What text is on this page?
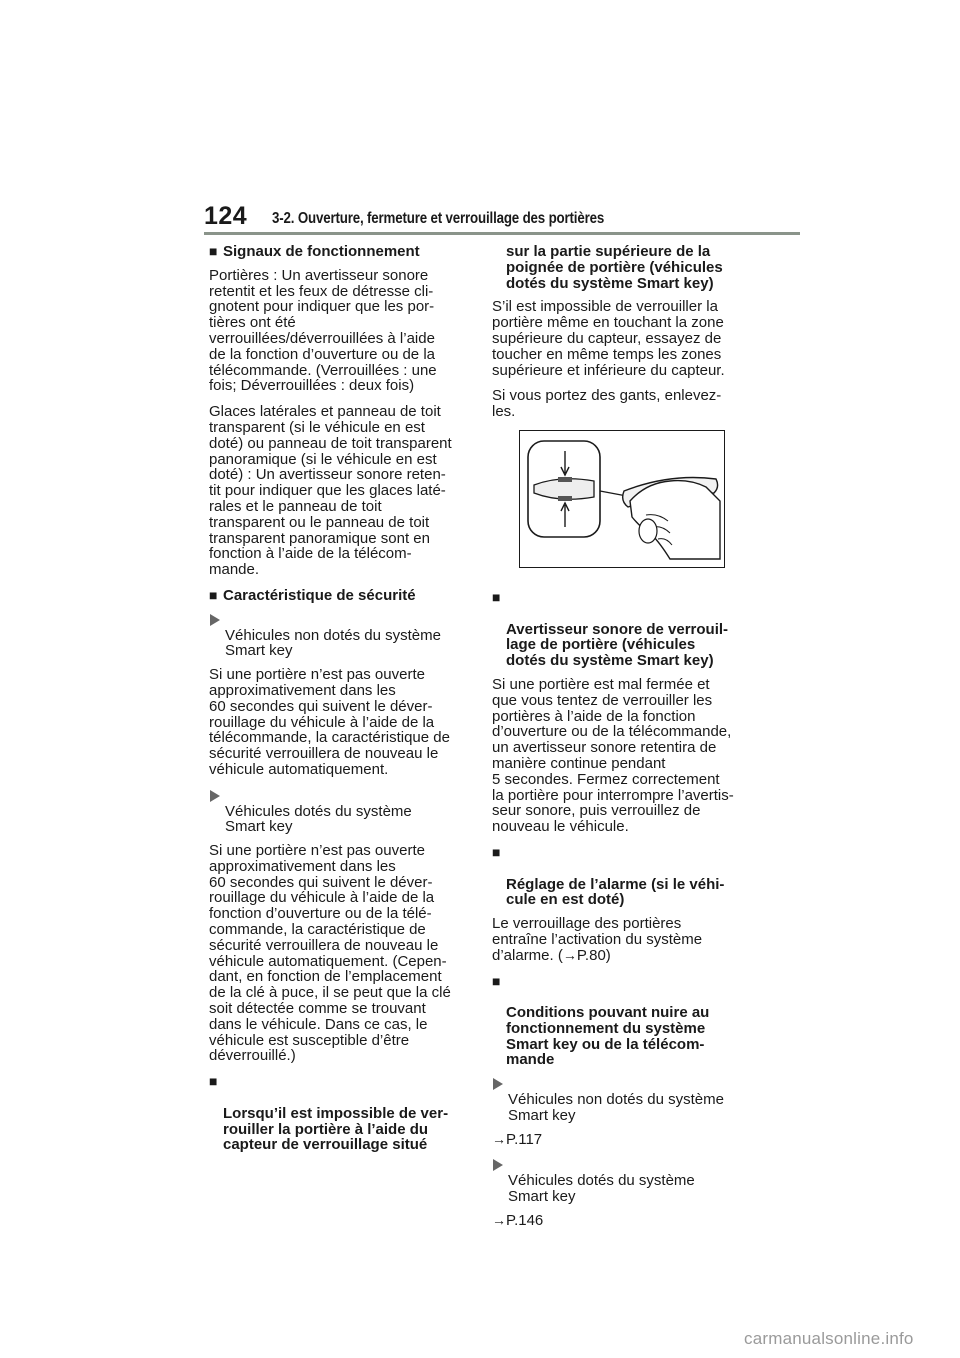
124 3-2. Ouverture, fermeture et verrouillage des portières
■ Signaux de fonctionnement
Portières : Un avertisseur sonore
retentit et les feux de détresse cli-
gnotent pour indiquer que les por-
tières ont été
verrouillées/déverrouillées à l’aide
de la fonction d’ouverture ou de la
télécommande. (Verrouillées : une
fois; Déverrouillées : deux fois)
Glaces latérales et panneau de toit
transparent (si le véhicule en est
doté) ou panneau de toit transparent
panoramique (si le véhicule en est
doté) : Un avertisseur sonore reten-
tit pour indiquer que les glaces laté-
rales et le panneau de toit
transparent ou le panneau de toit
transparent panoramique sont en
fonction à l’aide de la télécom-
mande.
■ Caractéristique de sécurité

Véhicules non dotés du système
Smart key

Si une portière n’est pas ouverte
approximativement dans les
60 secondes qui suivent le déver-
rouillage du véhicule à l’aide de la
télécommande, la caractéristique de
sécurité verrouillera de nouveau le
véhicule automatiquement.

Véhicules dotés du système
Smart key

Si une portière n’est pas ouverte
approximativement dans les
60 secondes qui suivent le déver-
rouillage du véhicule à l’aide de la
fonction d’ouverture ou de la télé-
commande, la caractéristique de
sécurité verrouillera de nouveau le
véhicule automatiquement. (Cepen-
dant, en fonction de l’emplacement
de la clé à puce, il se peut que la clé
soit détectée comme se trouvant
dans le véhicule. Dans ce cas, le
véhicule est susceptible d’être
déverrouillé.)

■

Lorsqu’il est impossible de ver-
rouiller la portière à l’aide du
capteur de verrouillage situé

sur la partie supérieure de la
poignée de portière (véhicules
dotés du système Smart key)
S’il est impossible de verrouiller la
portière même en touchant la zone
supérieure du capteur, essayez de
toucher en même temps les zones
supérieure et inférieure du capteur.
Si vous portez des gants, enlevez-
les.

■

Avertisseur sonore de verrouil-
lage de portière (véhicules
dotés du système Smart key)

Si une portière est mal fermée et
que vous tentez de verrouiller les
portières à l’aide de la fonction
d’ouverture ou de la télécommande,
un avertisseur sonore retentira de
manière continue pendant
5 secondes. Fermez correctement
la portière pour interrompre l’avertis-
seur sonore, puis verrouillez de
nouveau le véhicule.

■

Réglage de l’alarme (si le véhi-
cule en est doté)

Le verrouillage des portières
entraîne l’activation du système
d’alarme. (→P.80)

■

Conditions pouvant nuire au
fonctionnement du système
Smart key ou de la télécom-
mande

Véhicules non dotés du système
Smart key

→P.117

Véhicules dotés du système
Smart key

→P.146
carmanualsonline.info
